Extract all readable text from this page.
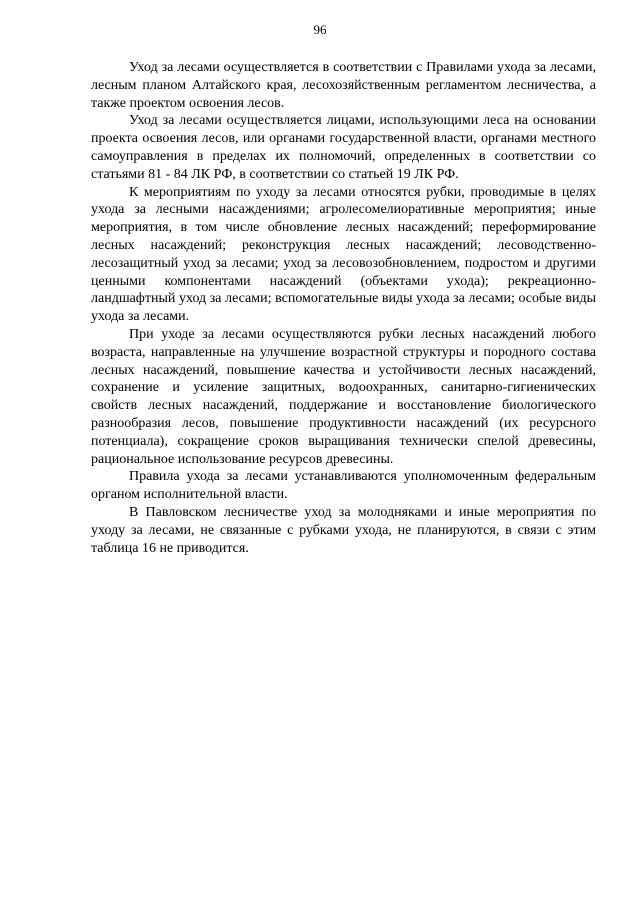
96

Уход за лесами осуществляется в соответствии с Правилами ухода за лесами, лесным планом Алтайского края, лесохозяйственным регламентом лесничества, а также проектом освоения лесов.

Уход за лесами осуществляется лицами, использующими леса на основании проекта освоения лесов, или органами государственной власти, органами местного самоуправления в пределах их полномочий, определенных в соответствии со статьями 81 - 84 ЛК РФ, в соответствии со статьей 19 ЛК РФ.

К мероприятиям по уходу за лесами относятся рубки, проводимые в целях ухода за лесными насаждениями; агролесомелиоративные мероприятия; иные мероприятия, в том числе обновление лесных насаждений; переформирование лесных насаждений; реконструкция лесных насаждений; лесоводственно-лесозащитный уход за лесами; уход за лесовозобновлением, подростом и другими ценными компонентами насаждений (объектами ухода); рекреационно-ландшафтный уход за лесами; вспомогательные виды ухода за лесами; особые виды ухода за лесами.

При уходе за лесами осуществляются рубки лесных насаждений любого возраста, направленные на улучшение возрастной структуры и породного состава лесных насаждений, повышение качества и устойчивости лесных насаждений, сохранение и усиление защитных, водоохранных, санитарно-гигиенических свойств лесных насаждений, поддержание и восстановление биологического разнообразия лесов, повышение продуктивности насаждений (их ресурсного потенциала), сокращение сроков выращивания технически спелой древесины, рациональное использование ресурсов древесины.

Правила ухода за лесами устанавливаются уполномоченным федеральным органом исполнительной власти.

В Павловском лесничестве уход за молодняками и иные мероприятия по уходу за лесами, не связанные с рубками ухода, не планируются, в связи с этим таблица 16 не приводится.
